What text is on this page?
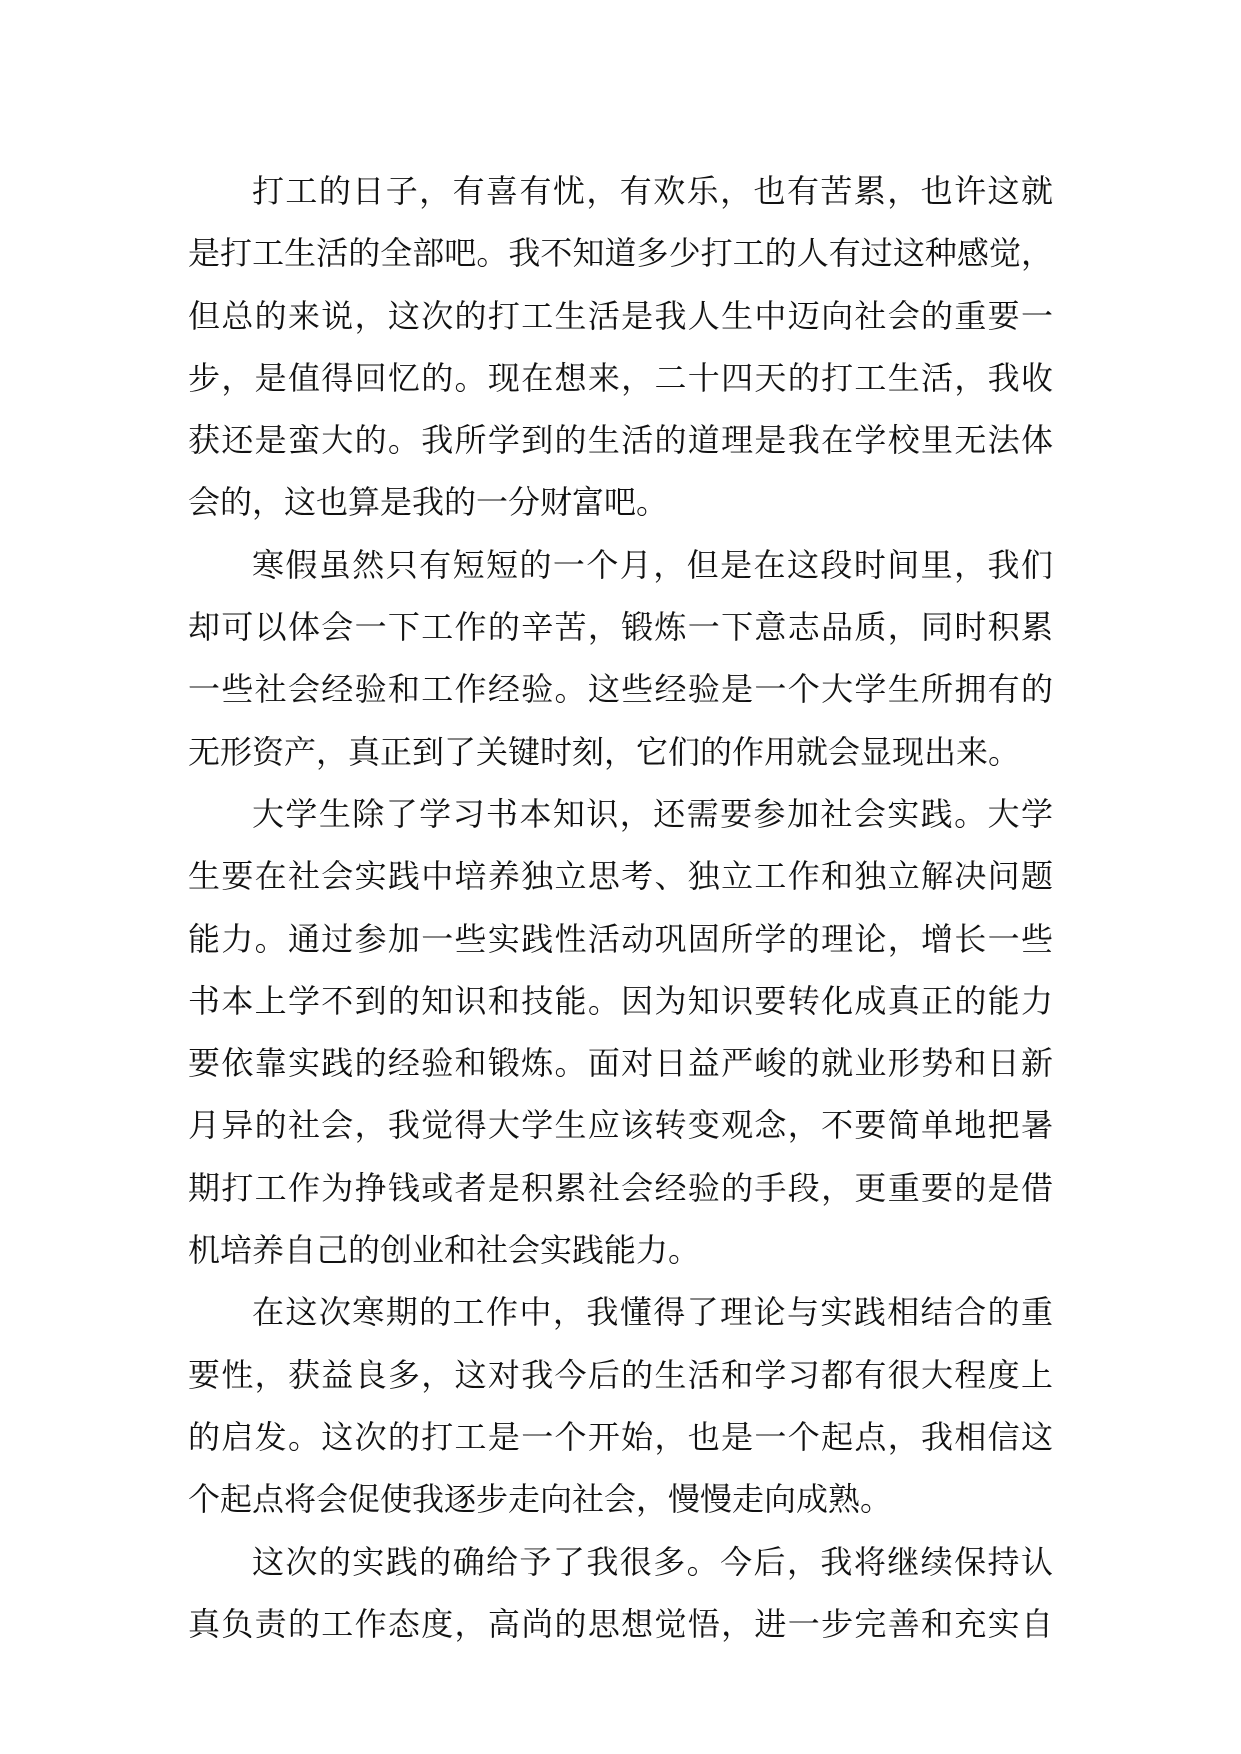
打工的日子，有喜有忧，有欢乐，也有苦累，也许这就
是打工生活的全部吧。我不知道多少打工的人有过这种感觉，
但总的来说，这次的打工生活是我人生中迈向社会的重要一
步，是值得回忆的。现在想来，二十四天的打工生活，我收
获还是蛮大的。我所学到的生活的道理是我在学校里无法体
会的，这也算是我的一分财富吧。
寒假虽然只有短短的一个月，但是在这段时间里，我们
却可以体会一下工作的辛苦，锻炼一下意志品质，同时积累
一些社会经验和工作经验。这些经验是一个大学生所拥有的
无形资产，真正到了关键时刻，它们的作用就会显现出来。
大学生除了学习书本知识，还需要参加社会实践。大学
生要在社会实践中培养独立思考、独立工作和独立解决问题
能力。通过参加一些实践性活动巩固所学的理论，增长一些
书本上学不到的知识和技能。因为知识要转化成真正的能力
要依靠实践的经验和锻炼。面对日益严峻的就业形势和日新
月异的社会，我觉得大学生应该转变观念，不要简单地把暑
期打工作为挣钱或者是积累社会经验的手段，更重要的是借
机培养自己的创业和社会实践能力。
在这次寒期的工作中，我懂得了理论与实践相结合的重
要性，获益良多，这对我今后的生活和学习都有很大程度上
的启发。这次的打工是一个开始，也是一个起点，我相信这
个起点将会促使我逐步走向社会，慢慢走向成熟。
这次的实践的确给予了我很多。今后，我将继续保持认
真负责的工作态度，高尚的思想觉悟，进一步完善和充实自
